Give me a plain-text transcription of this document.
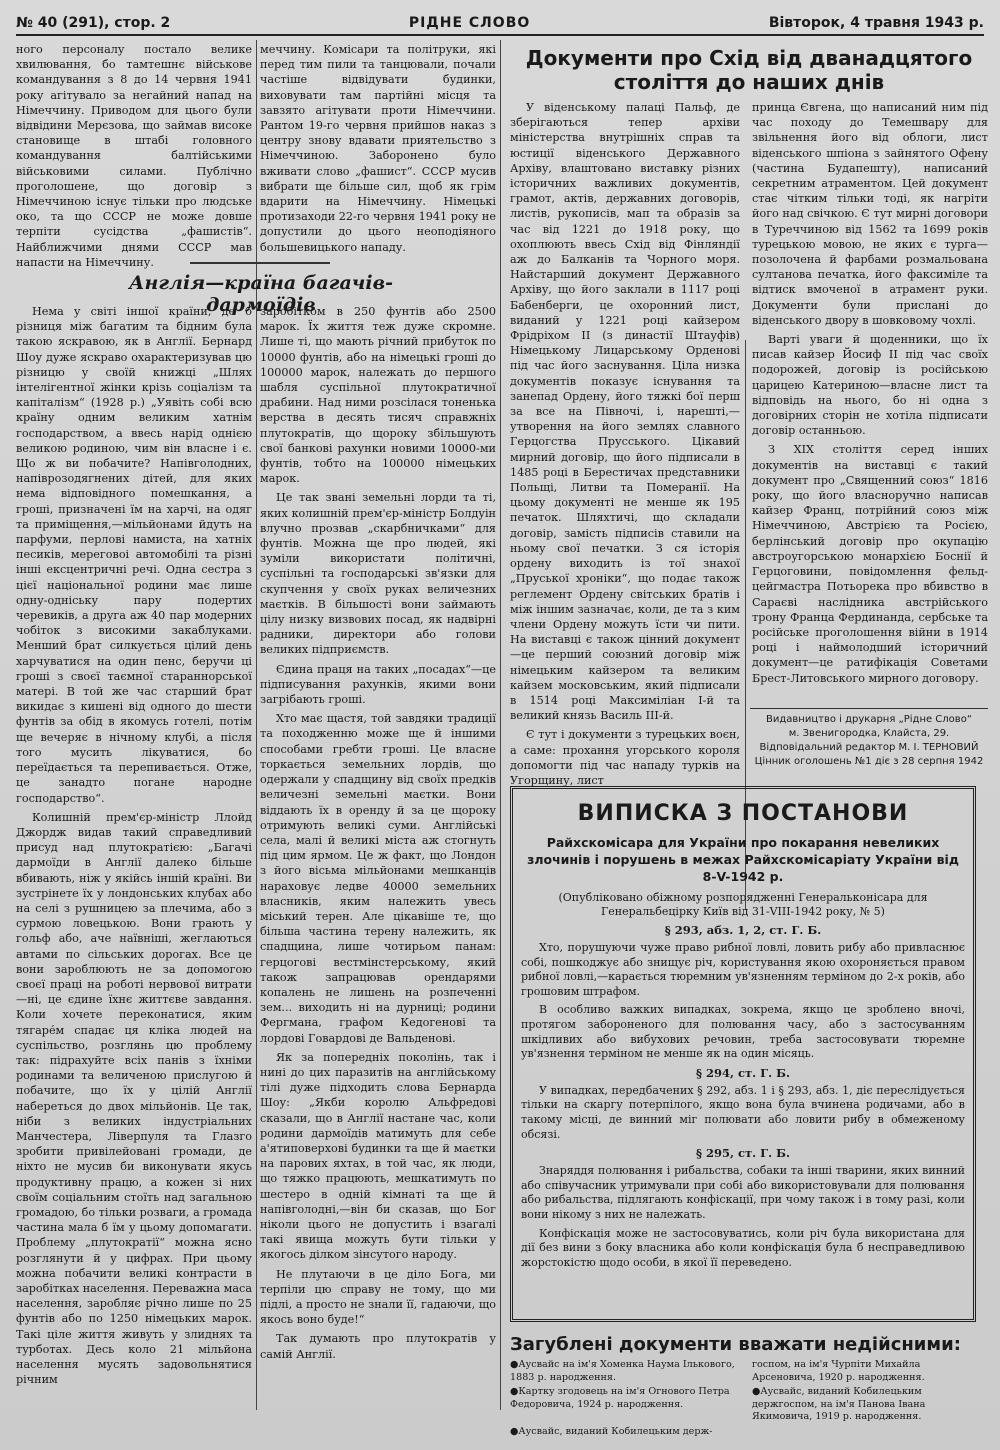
№ 40 (291), стор. 2	РІДНЕ СЛОВО	Вівторок, 4 травня 1943 р.

ного персоналу постало велике хвилювання, бо тамтешнє військове командування з 8 до 14 червня 1941 року агітувало за негайний напад на Німеччину. Приводом для цього були відвідини Мерєзова, що займав високе становище в штабі головного командування балтійськими військовими силами. Публічно проголошене, що договір з Німеччиною існує тільки про людське око, та що СССР не може довше терпіти сусідства „фашистів“. Найближчими днями СССР мав напасти на Німеччину.

меччину. Комісари та політруки, які перед тим пили та танцювали, почали частіше відвідувати будинки, виховувати там партійні місця та завзято агітувати проти Німеччини. Рантом 19-го червня прийшов наказ з центру знову вдавати приятельство з Німеччиною. Заборонено було вживати слово „фашист“. СССР мусив вибрати ще більше сил, щоб як грім вдарити на Німеччину. Німецькі протизаходи 22-го червня 1941 року не допустили до цього неоподіяного большевицького нападу.

Англія—країна багачів-дармоїдів

Нема у світі іншої країни, де б різниця між багатим та бідним була такою яскравою, як в Англії. Бернард Шоу дуже яскраво охарактеризував цю різницю у своїй книжці „Шлях інтелігентної жінки крізь соціалізм та капіталізм“ (1928 р.) „Уявіть собі всю країну одним великим хатнім господарством, а ввесь нарід однією великою родиною, чим він власне і є. Що ж ви побачите? Напівголодних, напіврозодягнених дітей, для яких нема відповідного помешкання, а гроші, призначені їм на харчі, на одяг та приміщення,—мільйонами йдуть на парфуми, перлові намиста, на хатніх песиків, мереговоі автомобілі та різні інші ексцентричні речі. Одна сестра з цієї національної родини має лише одну-одніську пару подертих черевиків, а друга аж 40 пар модерних чобіток з високими закаблуками. Менший брат силкується цілий день харчуватися на один пенс, беручи ці гроші з своєї таємної стараннорської матері. В той же час старший брат викидає з кишені від одного до шести фунтів за обід в якомусь готелі, потім ще вечеряє в нічному клубі, а після того мусить лікуватися, бо переїдається та перепивається. Отже, це занадто погане народне господарство“.

Колишній прем'єр-міністр Ллойд Джордж видав такий справедливий присуд над плутократією: „Багачі дармоїди в Англії далеко більше вбивають, ніж у якійсь іншій країні. Ви зустрінете їх у лондонських клубах або на селі з рушницею за плечима, або з сурмою ловецькою. Вони грають у гольф або, аче наївніші, жеглаються автами по сільських дорогах. Все це вони зароблюють не за допомогою своєї праці на роботі нервової витрати—ні, це єдине їхнє життєве завдання. Коли хочете переконатися, яким тягаре́м спадає ця кліка людей на суспільство, розглянь цю проблему так: підрахуйте всіх панів з їхніми родинами та величеною прислугою й побачите, що їх у цілій Англії набереться до двох мільйонів. Це так, ніби з великих індустріальних Манчестера, Ліверпуля та Глазго зробити привілейовані громади, де ніхто не мусив би виконувати якусь продуктивну працю, а кожен зі них своїм соціальним стоїть над загальною громадою, бо тільки розваги, а громада частина мала б їм у цьому допомагати. Проблему „плутократії“ можна ясно розглянути й у цифрах. При цьому можна побачити великі контрасти в заробітках населення. Переважна маса населення, заробляє річно лише по 25 фунтів або по 1250 німецьких марок. Такі ціле життя живуть у злиднях та турботах. Десь коло 21 мільйона населення мусять задовольнятися річним

заробітком в 250 фунтів або 2500 марок. Їх життя теж дуже скромне. Лише ті, що мають річний прибуток по 10000 фунтів, або на німецькі гроші до 100000 марок, належать до першого шабля суспільної плутократичної драбини. Над ними розсілася тоненька верства в десять тисяч справжніх плутократів, що щороку збільшують свої банкові рахунки новими 10000-ми фунтів, тобто на 100000 німецьких марок.

Це так звані земельні лорди та ті, яких колишній прем'єр-міністр Болдуін влучно прозвав „скарбничками“ для фунтів. Можна ще про людей, які зуміли використати політичні, суспільні та господарські зв'язки для скупчення у своїх руках величезних маєтків. В більшості вони займають цілу низку визвових посад, як надвірні радники, директори або голови великих підприємств.

Єдина праця на таких „посадах“—це підписування рахунків, якими вони загрібають гроші.

Хто має щастя, той завдяки традиції та походженню може ще й іншими способами гребти гроші. Це власне торкається земельних лордів, що одержали у спадщину від своїх предків величезні земельні маєтки. Вони віддають їх в оренду й за це щороку отримують великі суми. Англійські села, малі й великі міста аж стогнуть під цим ярмом. Це ж факт, що Лондон з його вісьма мільйонами мешканців нараховує ледве 40000 земельних власників, яким належить увесь міський терен. Але цікавіше те, що більша частина терену належить, як спадщина, лише чотирьом панам: герцогові вестмінстерському, який також запрацював орендарями копалень не лишень на розпеченні зем... виходить ні на дурниці; родини Фергмана, графом Кедогенові та лордові Говардові де Вальденові.

Як за попередніх поколінь, так і нині до цих паразитів на англійському тілі дуже підходить слова Бернарда Шоу: „Якби королю Альфредові сказали, що в Англії настане час, коли родини дармоїдів матимуть для себе а'ятиповерхові будинки та ще й маєтки на парових яхтах, в той час, як люди, що тяжко працюють, мешкатимуть по шестеро в одній кімнаті та ще й напівголодні,—він би сказав, що Бог ніколи цього не допустить і взагалі такі явища можуть бути тільки у якогось ділком зінсутого народу.

Не плутаючи в це діло Бога, ми терпіли цю справу не тому, що ми підлі, а просто не знали її, гадаючи, що якось воно буде!“

Так думають про плутократів у самій Англії.

Документи про Схід від дванадцятого століття до наших днів

У віденському палаці Пальф, де зберігаються тепер архіви міністерства внутрішніх справ та юстиції віденського Державного Архіву, влаштовано виставку різних історичних важливих документів, грамот, актів, державних договорів, листів, рукописів, мап та образів за час від 1221 до 1918 року, що охоплюють ввесь Схід від Фінляндії аж до Балканів та Чорного моря. Найстарший документ Державного Архіву, що його заклали в 1117 році Бабенберги, це охоронний лист, виданий у 1221 році кайзером Фрідріхом II (з династії Штауфів) Німецькому Лицарському Орденові під час його заснування. Ціла низка документів показує існування та занепад Ордену, його тяжкі бої перш за все на Півночі, і, нарешті,—утворення на його землях славного Герцогства Прусського. Цікавий мирний договір, що його підписали в 1485 році в Берестичах представники Польщі, Литви та Померанії. На цьому документі не менше як 195 печаток. Шляхтичі, що складали договір, замість підписів ставили на ньому свої печатки. З ся історія ордену виходить із тої знахої „Пруської хроніки“, що подає також реглемент Ордену світських братів і між іншим зазначає, коли, де та з ким члени Ордену можуть їсти чи пити. На виставці є також цінний документ—це перший союзний договір між німецьким кайзером та великим кайзем московським, який підписали в 1514 році Максиміліан І-й та великий князь Василь III-й.

Є тут і документи з турецьких воєн, а саме: прохання угорського короля допомогти під час нападу турків на Угорщину, лист

принца Євгена, що написаний ним під час походу до Темешвару для звільнення його від облоги, лист віденського шпіона з зайнятого Офену (частина Будапешту), написаний секретним атраментом. Цей документ стає чітким тільки тоді, як нагріти його над свічкою. Є тут мирні договори в Туреччиною від 1562 та 1699 років турецькою мовою, не яких є турга—позолочена й фарбами розмальована султанова печатка, його факсиміле та відтиск вмоченої в атрамент руки. Документи були прислані до віденського двору в шовковому чохлі.

Варті уваги й щоденники, що їх писав кайзер Йосиф II під час своїх подорожей, договір із російською царицею Катериною—власне лист та відповідь на нього, бо ні одна з договірних сторін не хотіла підписати договір останньою.

З XIX століття серед інших документів на виставці є такий документ про „Священний союз“ 1816 року, що його власноручно написав кайзер Франц, потрійний союз між Німеччиною, Австрією та Росією, берлінський договір про окупацію австроугорською монархією Боснії й Герцоговини, повідомлення фельд-цейгмастра Потьорека про вбивство в Сараєві наслідника австрійського трону Франца Фердинанда, сербське та російське проголошення війни в 1914 році і наймолодший історичний документ—це ратифікація Советами Брест-Литовського мирного договору.

Видавництво і друкарня „Рідне Слово“
м. Звенигородка, Клайста, 29.
Відповідальний редактор М. І. ТЕРНОВИЙ
Цінник оголошень №1 діє з 28 серпня 1942
ВИПИСКА З ПОСТАНОВИ
Райхскомісара для України про покарання невеликих злочинів і порушень в межах Райхскомісаріату України від 8-V-1942 р.
(Опубліковано обіжному розпорядженні Генеральконісара для Генеральбецірку Київ від 31-VIII-1942 року, № 5)
§ 293, абз. 1, 2, ст. Г. Б.

Хто, порушуючи чуже право рибної ловлі, ловить рибу або привласнює собі, пошкоджує або знищує річ, користування якою охороняється правом рибної ловлі,—карається тюремним ув'язненням терміном до 2-х років, або грошовим штрафом.

В особливо важких випадках, зокрема, якщо це зроблено вночі, протягом забороненого для полювання часу, або з застосуванням шкідливих або вибухових речовин, треба застосовувати тюремне ув'язнення терміном не менше як на один місяць.

§ 294, ст. Г. Б.

У випадках, передбачених § 292, абз. 1 і § 293, абз. 1, діє переслідується тільки на скаргу потерпілого, якщо вона була вчинена родичами, або в такому місці, де винний міг полювати або ловити рибу в обмеженому обсязі.

§ 295, ст. Г. Б.

Знаряддя полювання і рибальства, собаки та інші тварини, яких винний або співучасник утримували при собі або використовували для полювання або рибальства, підлягають конфіскації, при чому також і в тому разі, коли вони нікому з них не належать.

Конфіскація може не застосовуватись, коли річ була використана для дії без вини з боку власника або коли конфіскація була б несправедливою жорстокістю щодо особи, в якої її переведено.

Загублені документи вважати недійсними:
●Аусвайс на ім'я Хоменка Наума Ількового, 1883 р. народження.
госпом, на ім'я Чурпіти Михайла Арсеновича, 1920 р. народження.
●Картку згодовець на ім'я Огнового Петра Федоровича, 1924 р. народження.
●Аусвайс, виданий Кобилецьким держгоспом, на ім'я Панова Івана Якимовича, 1919 р. народження.
●Аусвайс, виданий Кобилецьким держ-
